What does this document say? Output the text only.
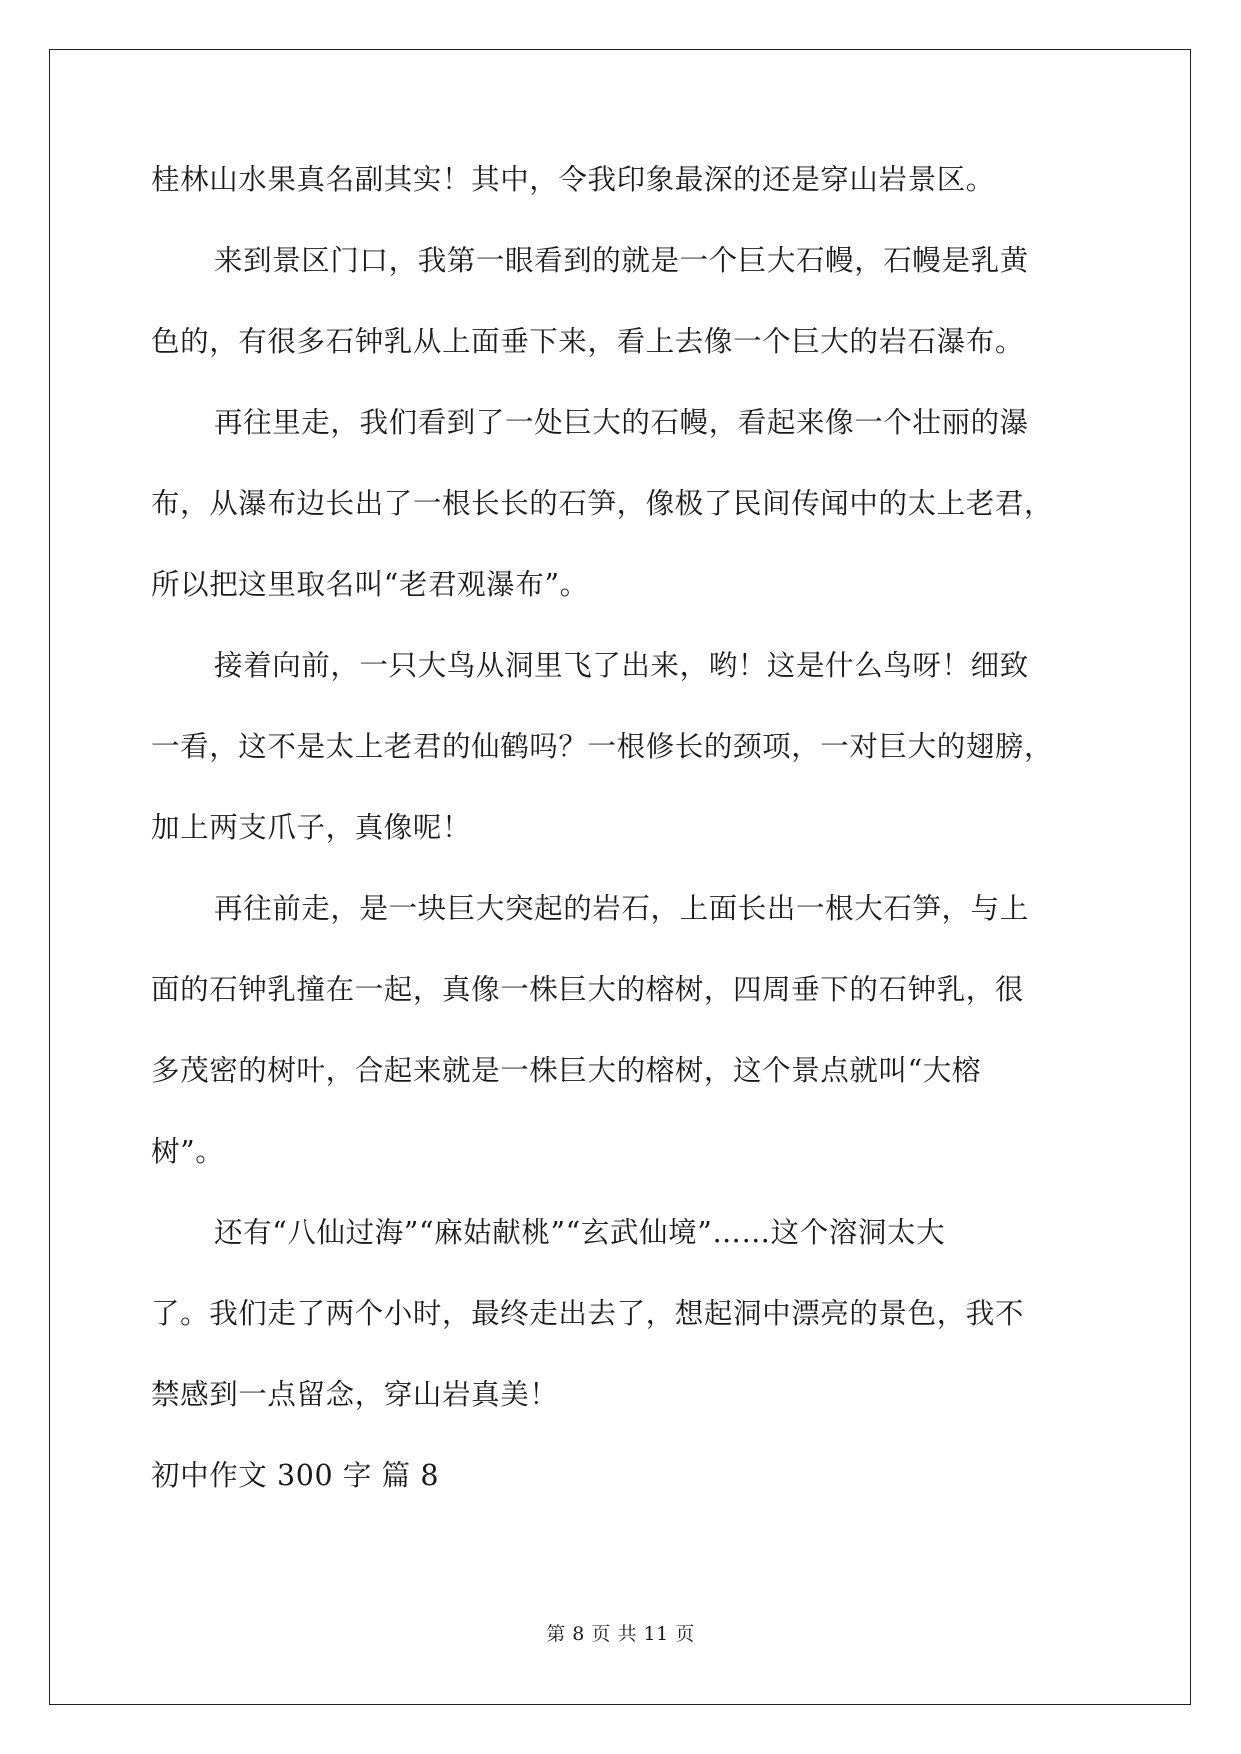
桂林山水果真名副其实！其中，令我印象最深的还是穿山岩景区。
来到景区门口，我第一眼看到的就是一个巨大石幔，石幔是乳黄
色的，有很多石钟乳从上面垂下来，看上去像一个巨大的岩石瀑布。
再往里走，我们看到了一处巨大的石幔，看起来像一个壮丽的瀑
布，从瀑布边长出了一根长长的石笋，像极了民间传闻中的太上老君，
所以把这里取名叫“老君观瀑布”。
接着向前，一只大鸟从洞里飞了出来，哟！这是什么鸟呀！细致
一看，这不是太上老君的仙鹤吗？一根修长的颈项，一对巨大的翅膀，
加上两支爪子，真像呢！
再往前走，是一块巨大突起的岩石，上面长出一根大石笋，与上
面的石钟乳撞在一起，真像一株巨大的榕树，四周垂下的石钟乳，很
多茂密的树叶，合起来就是一株巨大的榕树，这个景点就叫“大榕
树”。
还有“八仙过海”“麻姑献桃”“玄武仙境”……这个溶洞太大
了。我们走了两个小时，最终走出去了，想起洞中漂亮的景色，我不
禁感到一点留念，穿山岩真美！
初中作文 300 字 篇 8
第 8 页 共 11 页
